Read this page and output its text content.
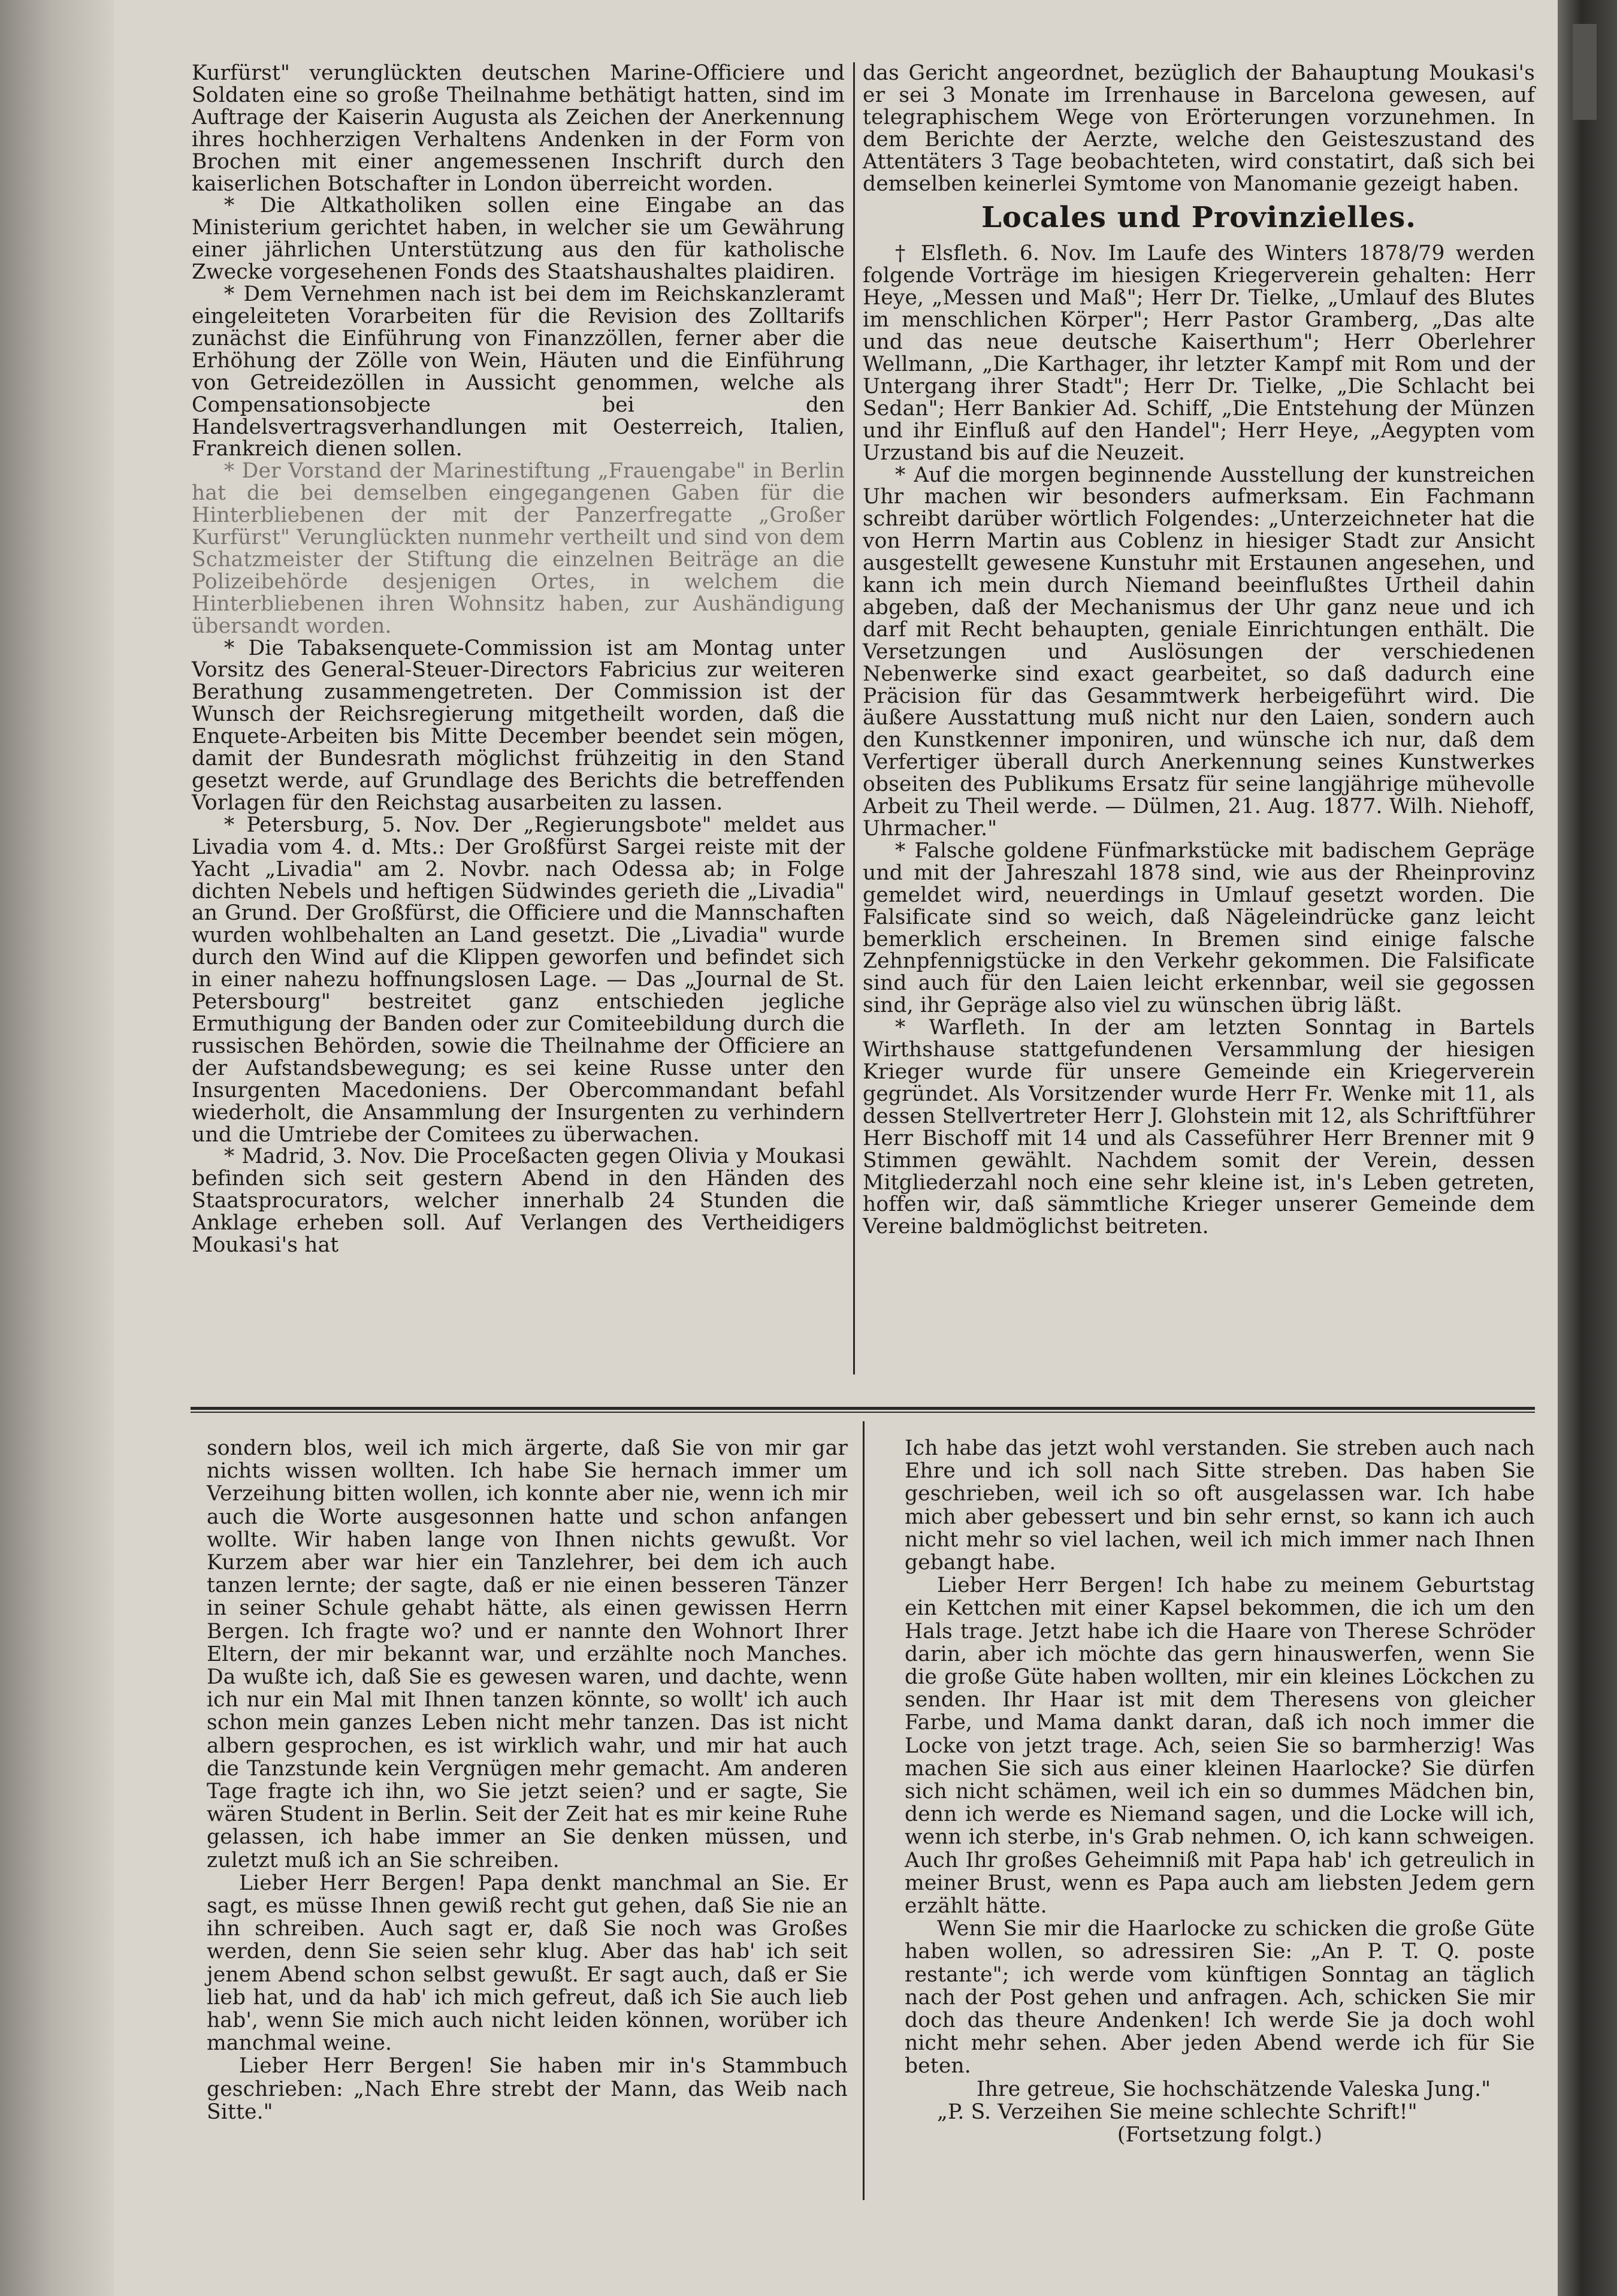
Kurfürst" verunglückten deutschen Marine-Officiere und Soldaten eine so große Theilnahme bethätigt hatten, sind im Auftrage der Kaiserin Augusta als Zeichen der Anerkennung ihres hochherzigen Verhaltens Andenken in der Form von Brochen mit einer angemessenen Inschrift durch den kaiserlichen Botschafter in London überreicht worden.

* Die Altkatholiken sollen eine Eingabe an das Ministerium gerichtet haben, in welcher sie um Gewährung einer jährlichen Unterstützung aus den für katholische Zwecke vorgesehenen Fonds des Staatshaushaltes plaidiren.

* Dem Vernehmen nach ist bei dem im Reichskanzleramt eingeleiteten Vorarbeiten für die Revision des Zolltarifs zunächst die Einführung von Finanzzöllen, ferner aber die Erhöhung der Zölle von Wein, Häuten und die Einführung von Getreidezöllen in Aussicht genommen, welche als Compensationsobjecte bei den Handelsvertragsverhandlungen mit Oesterreich, Italien, Frankreich dienen sollen.

* Der Vorstand der Marinestiftung „Frauengabe" in Berlin hat die bei demselben eingegangenen Gaben für die Hinterbliebenen der mit der Panzerfregatte „Großer Kurfürst" Verunglückten nunmehr vertheilt und sind von dem Schatzmeister der Stiftung die einzelnen Beiträge an die Polizeibehörde desjenigen Ortes, in welchem die Hinterbliebenen ihren Wohnsitz haben, zur Aushändigung übersandt worden.

* Die Tabaksenquete-Commission ist am Montag unter Vorsitz des General-Steuer-Directors Fabricius zur weiteren Berathung zusammengetreten. Der Commission ist der Wunsch der Reichsregierung mitgetheilt worden, daß die Enquete-Arbeiten bis Mitte December beendet sein mögen, damit der Bundesrath möglichst frühzeitig in den Stand gesetzt werde, auf Grundlage des Berichts die betreffenden Vorlagen für den Reichstag ausarbeiten zu lassen.

* Petersburg, 5. Nov. Der „Regierungsbote" meldet aus Livadia vom 4. d. Mts.: Der Großfürst Sargei reiste mit der Yacht „Livadia" am 2. Novbr. nach Odessa ab; in Folge dichten Nebels und heftigen Südwindes gerieth die „Livadia" an Grund. Der Großfürst, die Officiere und die Mannschaften wurden wohlbehalten an Land gesetzt. Die „Livadia" wurde durch den Wind auf die Klippen geworfen und befindet sich in einer nahezu hoffnungslosen Lage. — Das „Journal de St. Petersbourg" bestreitet ganz entschieden jegliche Ermuthigung der Banden oder zur Comiteebildung durch die russischen Behörden, sowie die Theilnahme der Officiere an der Aufstandsbewegung; es sei keine Russe unter den Insurgenten Macedoniens. Der Obercommandant befahl wiederholt, die Ansammlung der Insurgenten zu verhindern und die Umtriebe der Comitees zu überwachen.

* Madrid, 3. Nov. Die Proceßacten gegen Olivia y Moukasi befinden sich seit gestern Abend in den Händen des Staatsprocurators, welcher innerhalb 24 Stunden die Anklage erheben soll. Auf Verlangen des Vertheidigers Moukasi's hat

das Gericht angeordnet, bezüglich der Bahauptung Moukasi's er sei 3 Monate im Irrenhause in Barcelona gewesen, auf telegraphischem Wege von Erörterungen vorzunehmen. In dem Berichte der Aerzte, welche den Geisteszustand des Attentäters 3 Tage beobachteten, wird constatirt, daß sich bei demselben keinerlei Symtome von Manomanie gezeigt haben.

Locales und Provinzielles.

† Elsfleth. 6. Nov. Im Laufe des Winters 1878/79 werden folgende Vorträge im hiesigen Kriegerverein gehalten: Herr Heye, „Messen und Maß"; Herr Dr. Tielke, „Umlauf des Blutes im menschlichen Körper"; Herr Pastor Gramberg, „Das alte und das neue deutsche Kaiserthum"; Herr Oberlehrer Wellmann, „Die Karthager, ihr letzter Kampf mit Rom und der Untergang ihrer Stadt"; Herr Dr. Tielke, „Die Schlacht bei Sedan"; Herr Bankier Ad. Schiff, „Die Entstehung der Münzen und ihr Einfluß auf den Handel"; Herr Heye, „Aegypten vom Urzustand bis auf die Neuzeit.

* Auf die morgen beginnende Ausstellung der kunstreichen Uhr machen wir besonders aufmerksam. Ein Fachmann schreibt darüber wörtlich Folgendes: „Unterzeichneter hat die von Herrn Martin aus Coblenz in hiesiger Stadt zur Ansicht ausgestellt gewesene Kunstuhr mit Erstaunen angesehen, und kann ich mein durch Niemand beeinflußtes Urtheil dahin abgeben, daß der Mechanismus der Uhr ganz neue und ich darf mit Recht behaupten, geniale Einrichtungen enthält. Die Versetzungen und Auslösungen der verschiedenen Nebenwerke sind exact gearbeitet, so daß dadurch eine Präcision für das Gesammtwerk herbeigeführt wird. Die äußere Ausstattung muß nicht nur den Laien, sondern auch den Kunstkenner imponiren, und wünsche ich nur, daß dem Verfertiger überall durch Anerkennung seines Kunstwerkes obseiten des Publikums Ersatz für seine langjährige mühevolle Arbeit zu Theil werde. — Dülmen, 21. Aug. 1877. Wilh. Niehoff, Uhrmacher."

* Falsche goldene Fünfmarkstücke mit badischem Gepräge und mit der Jahreszahl 1878 sind, wie aus der Rheinprovinz gemeldet wird, neuerdings in Umlauf gesetzt worden. Die Falsificate sind so weich, daß Nägeleindrücke ganz leicht bemerklich erscheinen. In Bremen sind einige falsche Zehnpfennigstücke in den Verkehr gekommen. Die Falsificate sind auch für den Laien leicht erkennbar, weil sie gegossen sind, ihr Gepräge also viel zu wünschen übrig läßt.

* Warfleth. In der am letzten Sonntag in Bartels Wirthshause stattgefundenen Versammlung der hiesigen Krieger wurde für unsere Gemeinde ein Kriegerverein gegründet. Als Vorsitzender wurde Herr Fr. Wenke mit 11, als dessen Stellvertreter Herr J. Glohstein mit 12, als Schriftführer Herr Bischoff mit 14 und als Casseführer Herr Brenner mit 9 Stimmen gewählt. Nachdem somit der Verein, dessen Mitgliederzahl noch eine sehr kleine ist, in's Leben getreten, hoffen wir, daß sämmtliche Krieger unserer Gemeinde dem Vereine baldmöglichst beitreten.

sondern blos, weil ich mich ärgerte, daß Sie von mir gar nichts wissen wollten. Ich habe Sie hernach immer um Verzeihung bitten wollen, ich konnte aber nie, wenn ich mir auch die Worte ausgesonnen hatte und schon anfangen wollte. Wir haben lange von Ihnen nichts gewußt. Vor Kurzem aber war hier ein Tanzlehrer, bei dem ich auch tanzen lernte; der sagte, daß er nie einen besseren Tänzer in seiner Schule gehabt hätte, als einen gewissen Herrn Bergen. Ich fragte wo? und er nannte den Wohnort Ihrer Eltern, der mir bekannt war, und erzählte noch Manches. Da wußte ich, daß Sie es gewesen waren, und dachte, wenn ich nur ein Mal mit Ihnen tanzen könnte, so wollt' ich auch schon mein ganzes Leben nicht mehr tanzen. Das ist nicht albern gesprochen, es ist wirklich wahr, und mir hat auch die Tanzstunde kein Vergnügen mehr gemacht. Am anderen Tage fragte ich ihn, wo Sie jetzt seien? und er sagte, Sie wären Student in Berlin. Seit der Zeit hat es mir keine Ruhe gelassen, ich habe immer an Sie denken müssen, und zuletzt muß ich an Sie schreiben.

Lieber Herr Bergen! Papa denkt manchmal an Sie. Er sagt, es müsse Ihnen gewiß recht gut gehen, daß Sie nie an ihn schreiben. Auch sagt er, daß Sie noch was Großes werden, denn Sie seien sehr klug. Aber das hab' ich seit jenem Abend schon selbst gewußt. Er sagt auch, daß er Sie lieb hat, und da hab' ich mich gefreut, daß ich Sie auch lieb hab', wenn Sie mich auch nicht leiden können, worüber ich manchmal weine.

Lieber Herr Bergen! Sie haben mir in's Stammbuch geschrieben: „Nach Ehre strebt der Mann, das Weib nach Sitte."

Ich habe das jetzt wohl verstanden. Sie streben auch nach Ehre und ich soll nach Sitte streben. Das haben Sie geschrieben, weil ich so oft ausgelassen war. Ich habe mich aber gebessert und bin sehr ernst, so kann ich auch nicht mehr so viel lachen, weil ich mich immer nach Ihnen gebangt habe.

Lieber Herr Bergen! Ich habe zu meinem Geburtstag ein Kettchen mit einer Kapsel bekommen, die ich um den Hals trage. Jetzt habe ich die Haare von Therese Schröder darin, aber ich möchte das gern hinauswerfen, wenn Sie die große Güte haben wollten, mir ein kleines Löckchen zu senden. Ihr Haar ist mit dem Theresens von gleicher Farbe, und Mama dankt daran, daß ich noch immer die Locke von jetzt trage. Ach, seien Sie so barmherzig! Was machen Sie sich aus einer kleinen Haarlocke? Sie dürfen sich nicht schämen, weil ich ein so dummes Mädchen bin, denn ich werde es Niemand sagen, und die Locke will ich, wenn ich sterbe, in's Grab nehmen. O, ich kann schweigen. Auch Ihr großes Geheimniß mit Papa hab' ich getreulich in meiner Brust, wenn es Papa auch am liebsten Jedem gern erzählt hätte.

Wenn Sie mir die Haarlocke zu schicken die große Güte haben wollen, so adressiren Sie: „An P. T. Q. poste restante"; ich werde vom künftigen Sonntag an täglich nach der Post gehen und anfragen. Ach, schicken Sie mir doch das theure Andenken! Ich werde Sie ja doch wohl nicht mehr sehen. Aber jeden Abend werde ich für Sie beten.

Ihre getreue, Sie hochschätzende Valeska Jung."

„P. S. Verzeihen Sie meine schlechte Schrift!"

(Fortsetzung folgt.)
